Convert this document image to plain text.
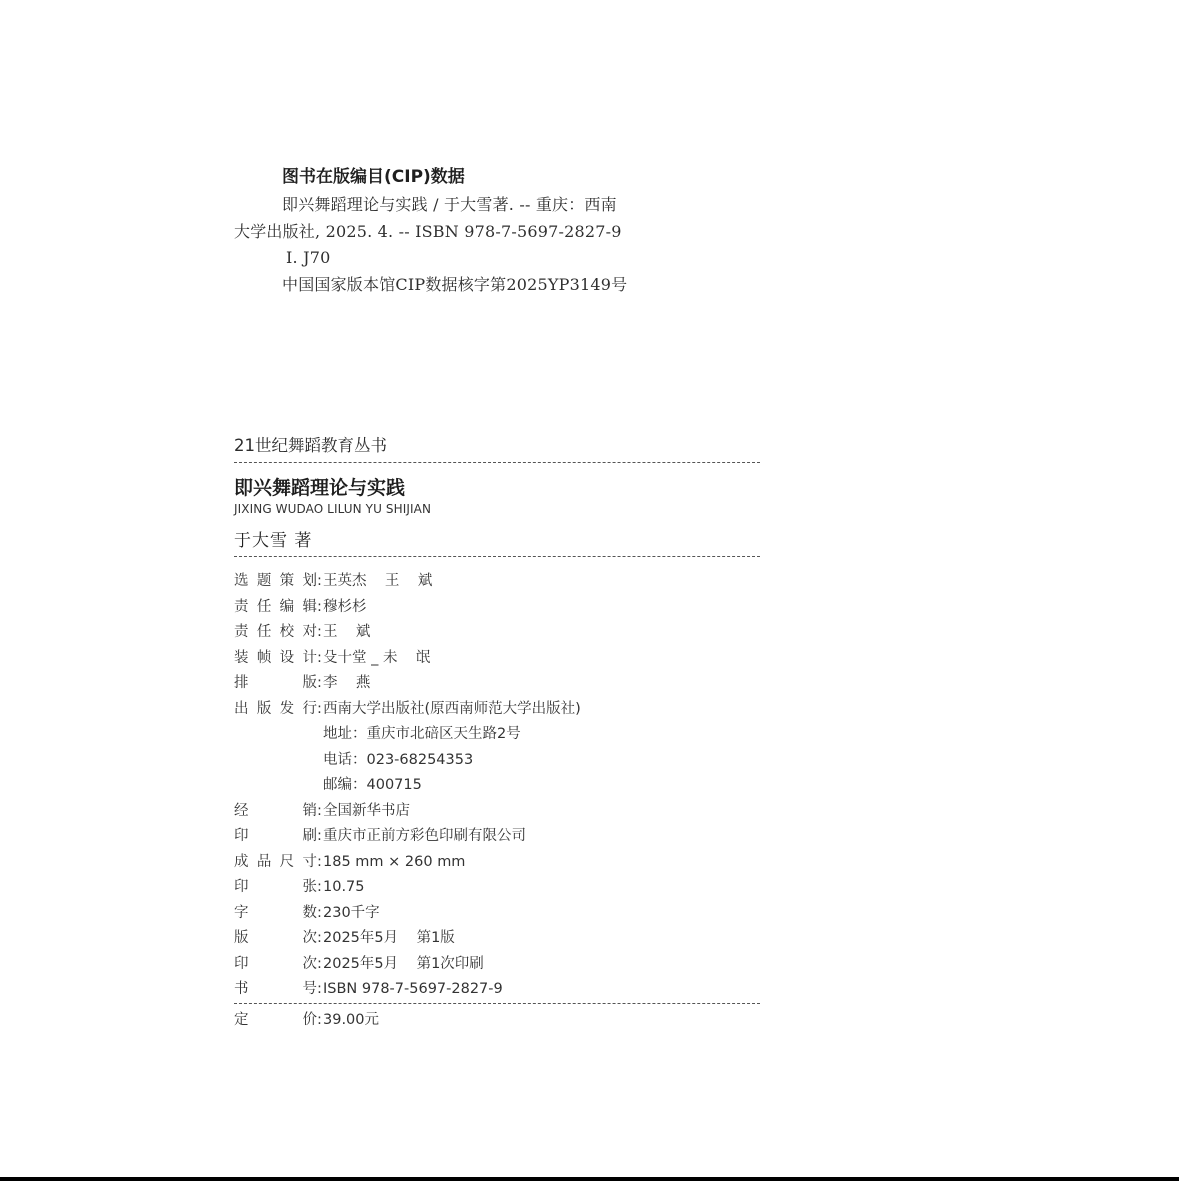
图书在版编目(CIP)数据
即兴舞蹈理论与实践 / 于大雪著. -- 重庆：西南
大学出版社, 2025. 4. -- ISBN 978-7-5697-2827-9
Ⅰ. J70
中国国家版本馆CIP数据核字第2025YP3149号
21世纪舞蹈教育丛书
即兴舞蹈理论与实践
JIXING WUDAO LILUN YU SHIJIAN
于大雪 著
选题策划:王英杰    王    斌
责任编辑:穆杉杉
责任校对:王    斌
装帧设计:殳十堂 _ 未    氓
排 版:李    燕
出版发行:西南大学出版社(原西南师范大学出版社)
地址：重庆市北碚区天生路2号
电话：023-68254353
邮编：400715
经 销:全国新华书店
印 刷:重庆市正前方彩色印刷有限公司
成品尺寸:185 mm × 260 mm
印 张:10.75
字 数:230千字
版 次:2025年5月    第1版
印 次:2025年5月    第1次印刷
书 号:ISBN 978-7-5697-2827-9
定 价:39.00元
